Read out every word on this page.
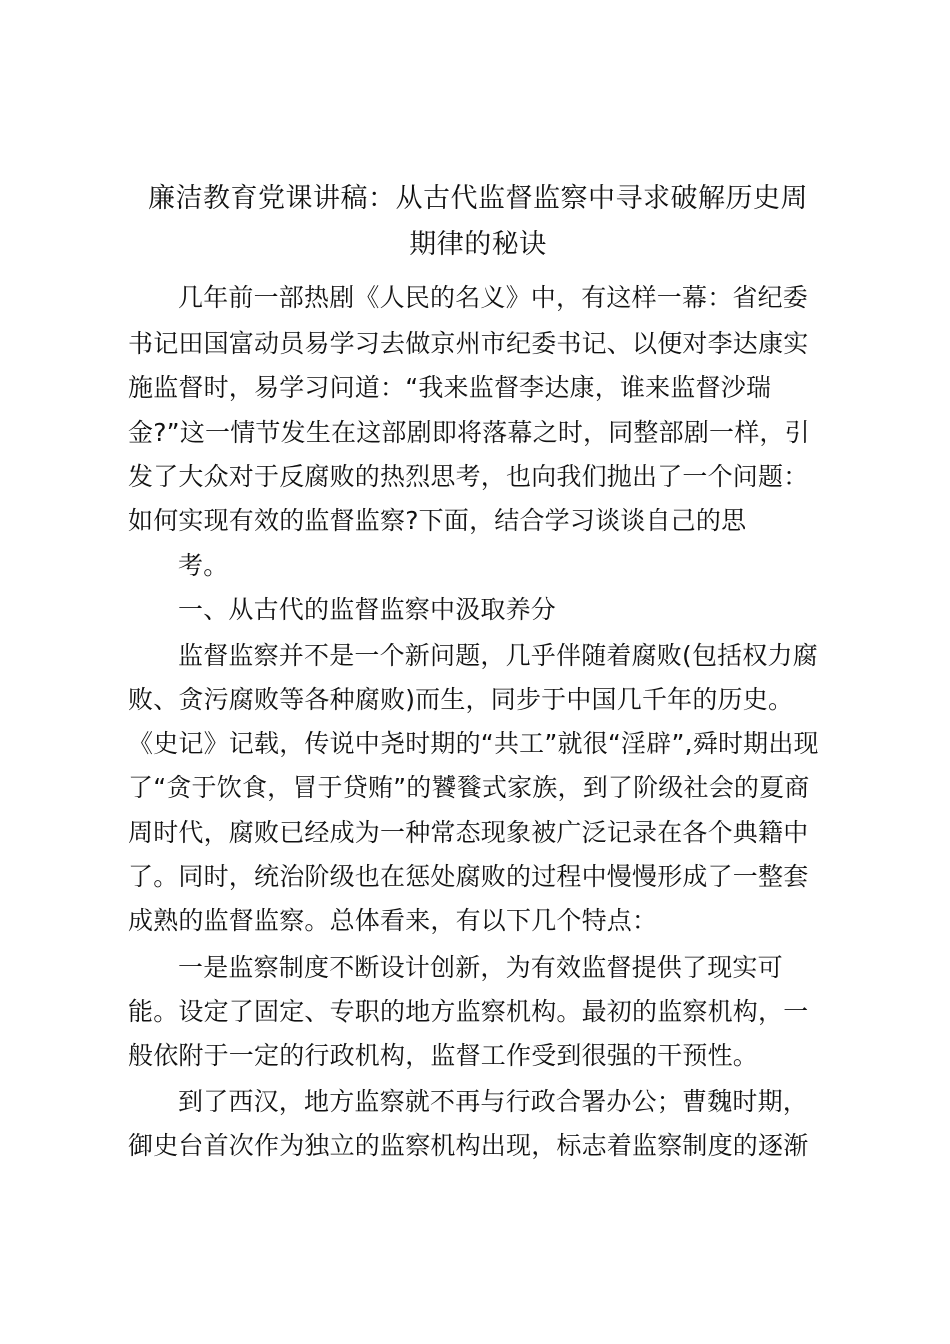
廉洁教育党课讲稿：从古代监督监察中寻求破解历史周
期律的秘诀
几年前一部热剧《人民的名义》中，有这样一幕：省纪委
书记田国富动员易学习去做京州市纪委书记、以便对李达康实
施监督时，易学习问道：“我来监督李达康，谁来监督沙瑞
金?”这一情节发生在这部剧即将落幕之时，同整部剧一样，引
发了大众对于反腐败的热烈思考，也向我们抛出了一个问题：
如何实现有效的监督监察?下面，结合学习谈谈自己的思
考。
一、从古代的监督监察中汲取养分
监督监察并不是一个新问题，几乎伴随着腐败(包括权力腐
败、贪污腐败等各种腐败)而生，同步于中国几千年的历史。
《史记》记载，传说中尧时期的“共工”就很“淫辟”,舜时期出现
了“贪于饮食，冒于贷贿”的饕餮式家族，到了阶级社会的夏商
周时代，腐败已经成为一种常态现象被广泛记录在各个典籍中
了。同时，统治阶级也在惩处腐败的过程中慢慢形成了一整套
成熟的监督监察。总体看来，有以下几个特点：
一是监察制度不断设计创新，为有效监督提供了现实可
能。设定了固定、专职的地方监察机构。最初的监察机构，一
般依附于一定的行政机构，监督工作受到很强的干预性。
到了西汉，地方监察就不再与行政合署办公；曹魏时期，
御史台首次作为独立的监察机构出现，标志着监察制度的逐渐
